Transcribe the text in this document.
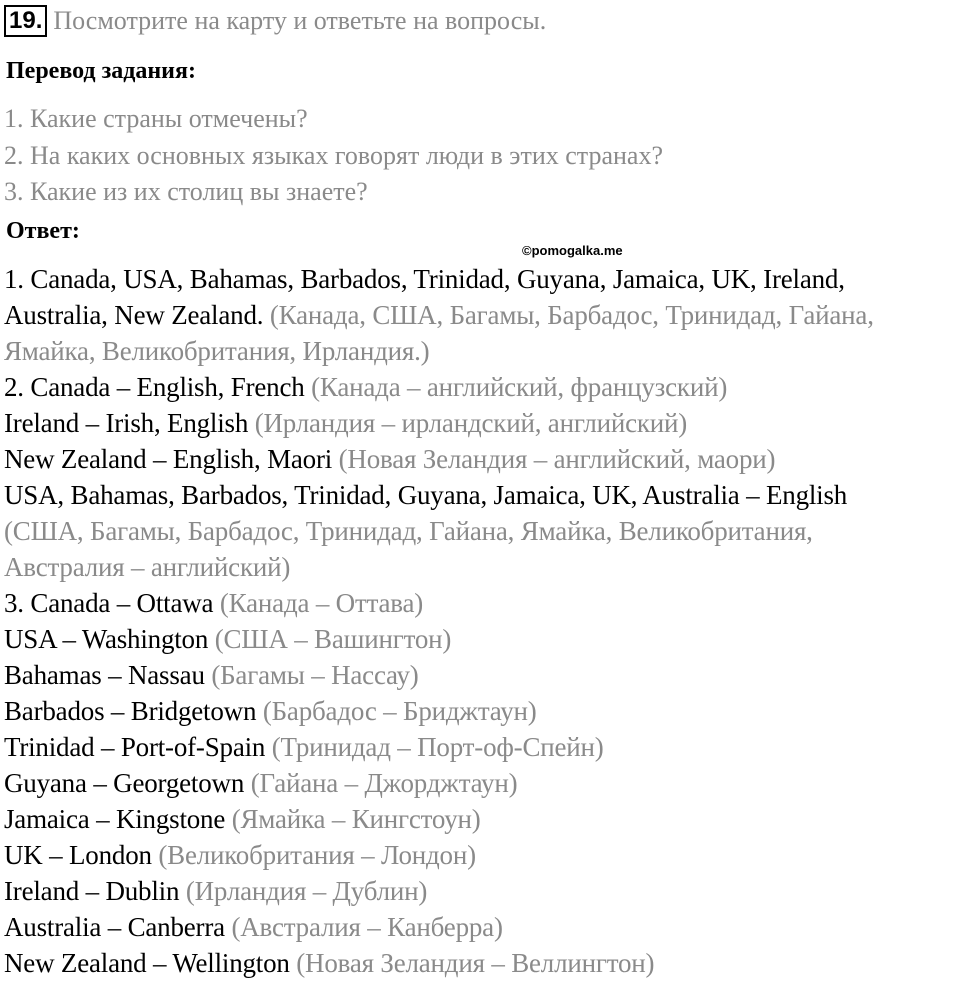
19. Посмотрите на карту и ответьте на вопросы.
Перевод задания:
1. Какие страны отмечены?
2. На каких основных языках говорят люди в этих странах?
3. Какие из их столиц вы знаете?
Ответ:
©pomogalka.me
1. Canada, USA, Bahamas, Barbados, Trinidad, Guyana, Jamaica, UK, Ireland,
Australia, New Zealand. (Канада, США, Багамы, Барбадос, Тринидад, Гайана,
Ямайка, Великобритания, Ирландия.)
2. Canada – English, French (Канада – английский, французский)
Ireland – Irish, English (Ирландия – ирландский, английский)
New Zealand – English, Maori (Новая Зеландия – английский, маори)
USA, Bahamas, Barbados, Trinidad, Guyana, Jamaica, UK, Australia – English
(США, Багамы, Барбадос, Тринидад, Гайана, Ямайка, Великобритания,
Австралия – английский)
3. Canada – Ottawa (Канада – Оттава)
USA – Washington (США – Вашингтон)
Bahamas – Nassau (Багамы – Нассау)
Barbados – Bridgetown (Барбадос – Бриджтаун)
Trinidad – Port-of-Spain (Тринидад – Порт-оф-Спейн)
Guyana – Georgetown (Гайана – Джорджтаун)
Jamaica – Kingstone (Ямайка – Кингстоун)
UK – London (Великобритания – Лондон)
Ireland – Dublin (Ирландия – Дублин)
Australia – Canberra (Австралия – Канберра)
New Zealand – Wellington (Новая Зеландия – Веллингтон)
